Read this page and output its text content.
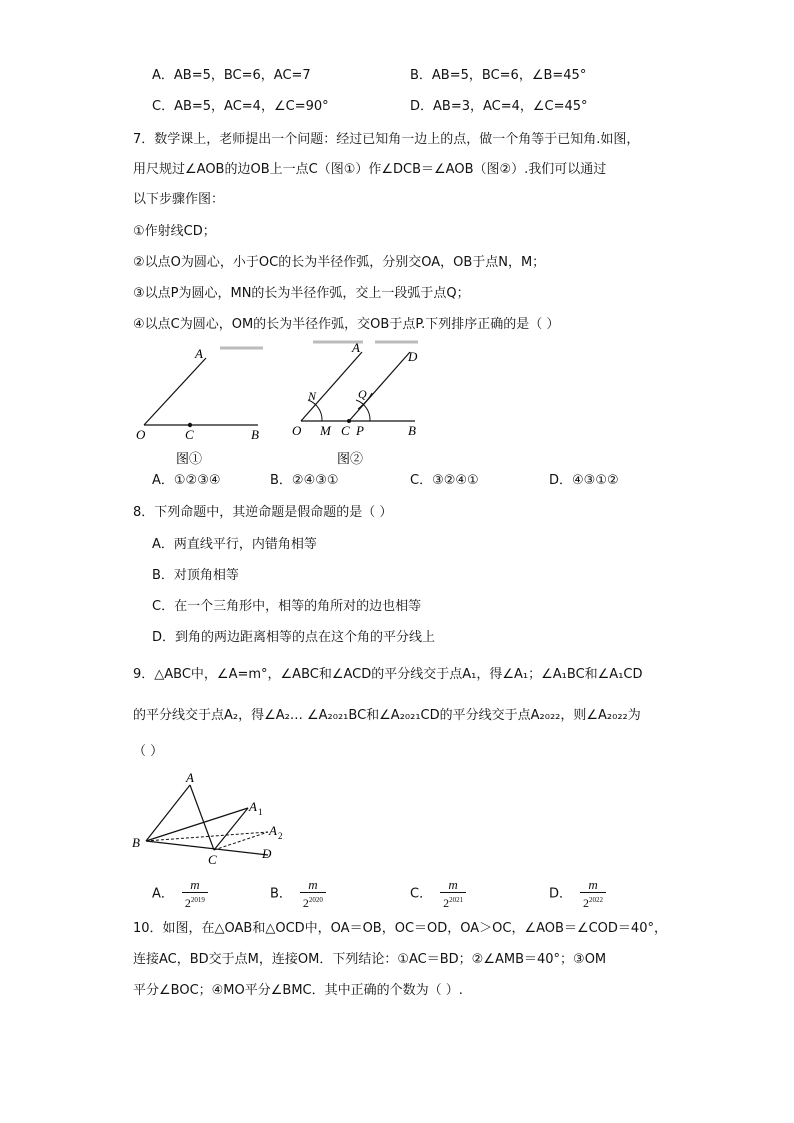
A．AB=5，BC=6，AC=7	B．AB=5，BC=6，∠B=45°
C．AB=5，AC=4，∠C=90°	D．AB=3，AC=4，∠C=45°
7．数学课上，老师提出一个问题：经过已知角一边上的点，做一个角等于已知角.如图，
用尺规过∠AOB的边OB上一点C（图①）作∠DCB＝∠AOB（图②）.我们可以通过
以下步骤作图：
①作射线CD；
②以点O为圆心，小于OC的长为半径作弧，分别交OA，OB于点N，M；
③以点P为圆心，MN的长为半径作弧，交上一段弧于点Q；
④以点C为圆心，OM的长为半径作弧，交OB于点P.下列排序正确的是（ ）
A
O	C	B
图①
A
D
N	Q
O M C P	B
图②
A．①②③④	B．②④③①	C．③②④①	D．④③①②
8．下列命题中，其逆命题是假命题的是（ ）
A．两直线平行，内错角相等
B．对顶角相等
C．在一个三角形中，相等的角所对的边也相等
D．到角的两边距离相等的点在这个角的平分线上
9．△ABC中，∠A=m°，∠ABC和∠ACD的平分线交于点A₁，得∠A₁；∠A₁BC和∠A₁CD
的平分线交于点A₂，得∠A₂… ∠A₂₀₂₁BC和∠A₂₀₂₁CD的平分线交于点A₂₀₂₂，则∠A₂₀₂₂为
（ ）
A
A 1
A 2
B
C	D
A． $\frac{m}{2^{2019}}$	B． $\frac{m}{2^{2020}}$	C． $\frac{m}{2^{2021}}$	D． $\frac{m}{2^{2022}}$
10．如图，在△OAB和△OCD中，OA＝OB，OC＝OD，OA＞OC，∠AOB＝∠COD＝40°，
连接AC，BD交于点M，连接OM．下列结论：①AC＝BD；②∠AMB＝40°；③OM
平分∠BOC；④MO平分∠BMC．其中正确的个数为（ ）.
